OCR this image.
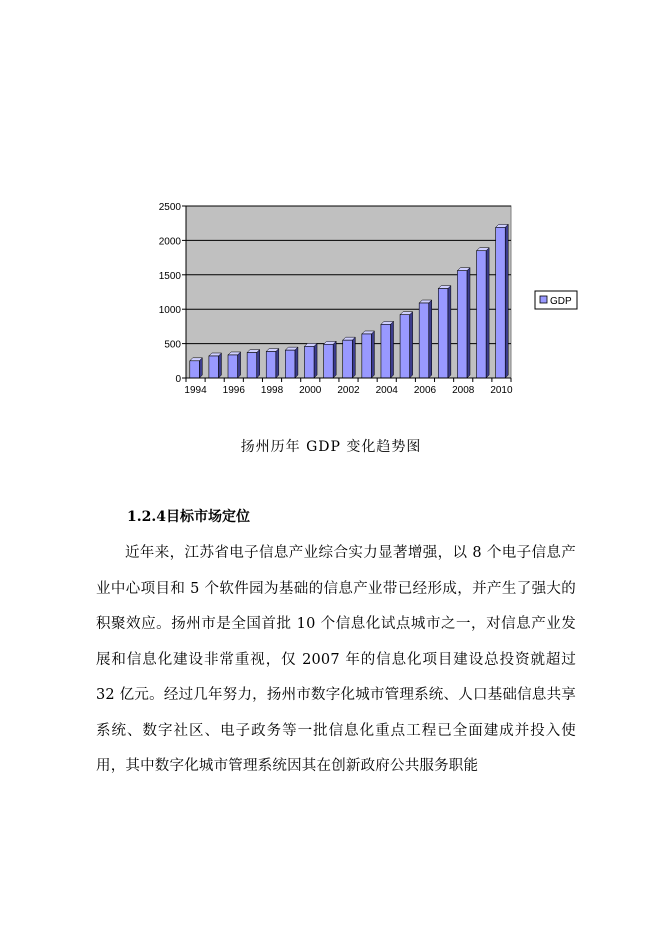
0
500
1000
1500
2000
2500
1994 1996 1998 2000 2002 2004 2006 2008 2010
GDP
扬州历年 GDP 变化趋势图
1.2.4目标市场定位

近年来，江苏省电子信息产业综合实力显著增强，以 8 个电子信息产业中心项目和 5 个软件园为基础的信息产业带已经形成，并产生了强大的积聚效应。扬州市是全国首批 10 个信息化试点城市之一，对信息产业发展和信息化建设非常重视，仅 2007 年的信息化项目建设总投资就超过 32 亿元。经过几年努力，扬州市数字化城市管理系统、人口基础信息共享系统、数字社区、电子政务等一批信息化重点工程已全面建成并投入使用，其中数字化城市管理系统因其在创新政府公共服务职能
